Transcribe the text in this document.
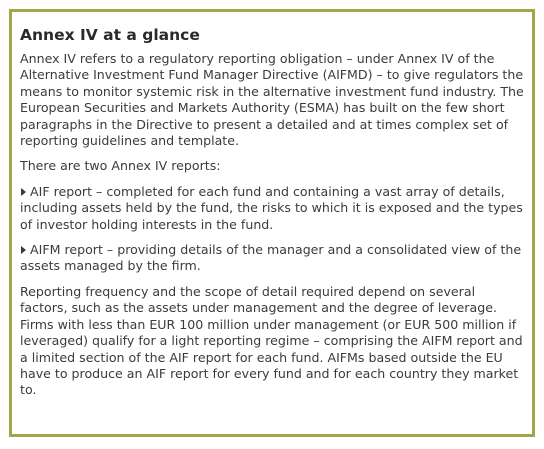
Annex IV at a glance

Annex IV refers to a regulatory reporting obligation – under Annex IV of the Alternative Investment Fund Manager Directive (AIFMD) – to give regulators the means to monitor systemic risk in the alternative investment fund industry. The European Securities and Markets Authority (ESMA) has built on the few short paragraphs in the Directive to present a detailed and at times complex set of reporting guidelines and template.

There are two Annex IV reports:

AIF report – completed for each fund and containing a vast array of details, including assets held by the fund, the risks to which it is exposed and the types of investor holding interests in the fund.
AIFM report – providing details of the manager and a consolidated view of the assets managed by the firm.

Reporting frequency and the scope of detail required depend on several factors, such as the assets under management and the degree of leverage. Firms with less than EUR 100 million under management (or EUR 500 million if leveraged) qualify for a light reporting regime – comprising the AIFM report and a limited section of the AIF report for each fund. AIFMs based outside the EU have to produce an AIF report for every fund and for each country they market to.
